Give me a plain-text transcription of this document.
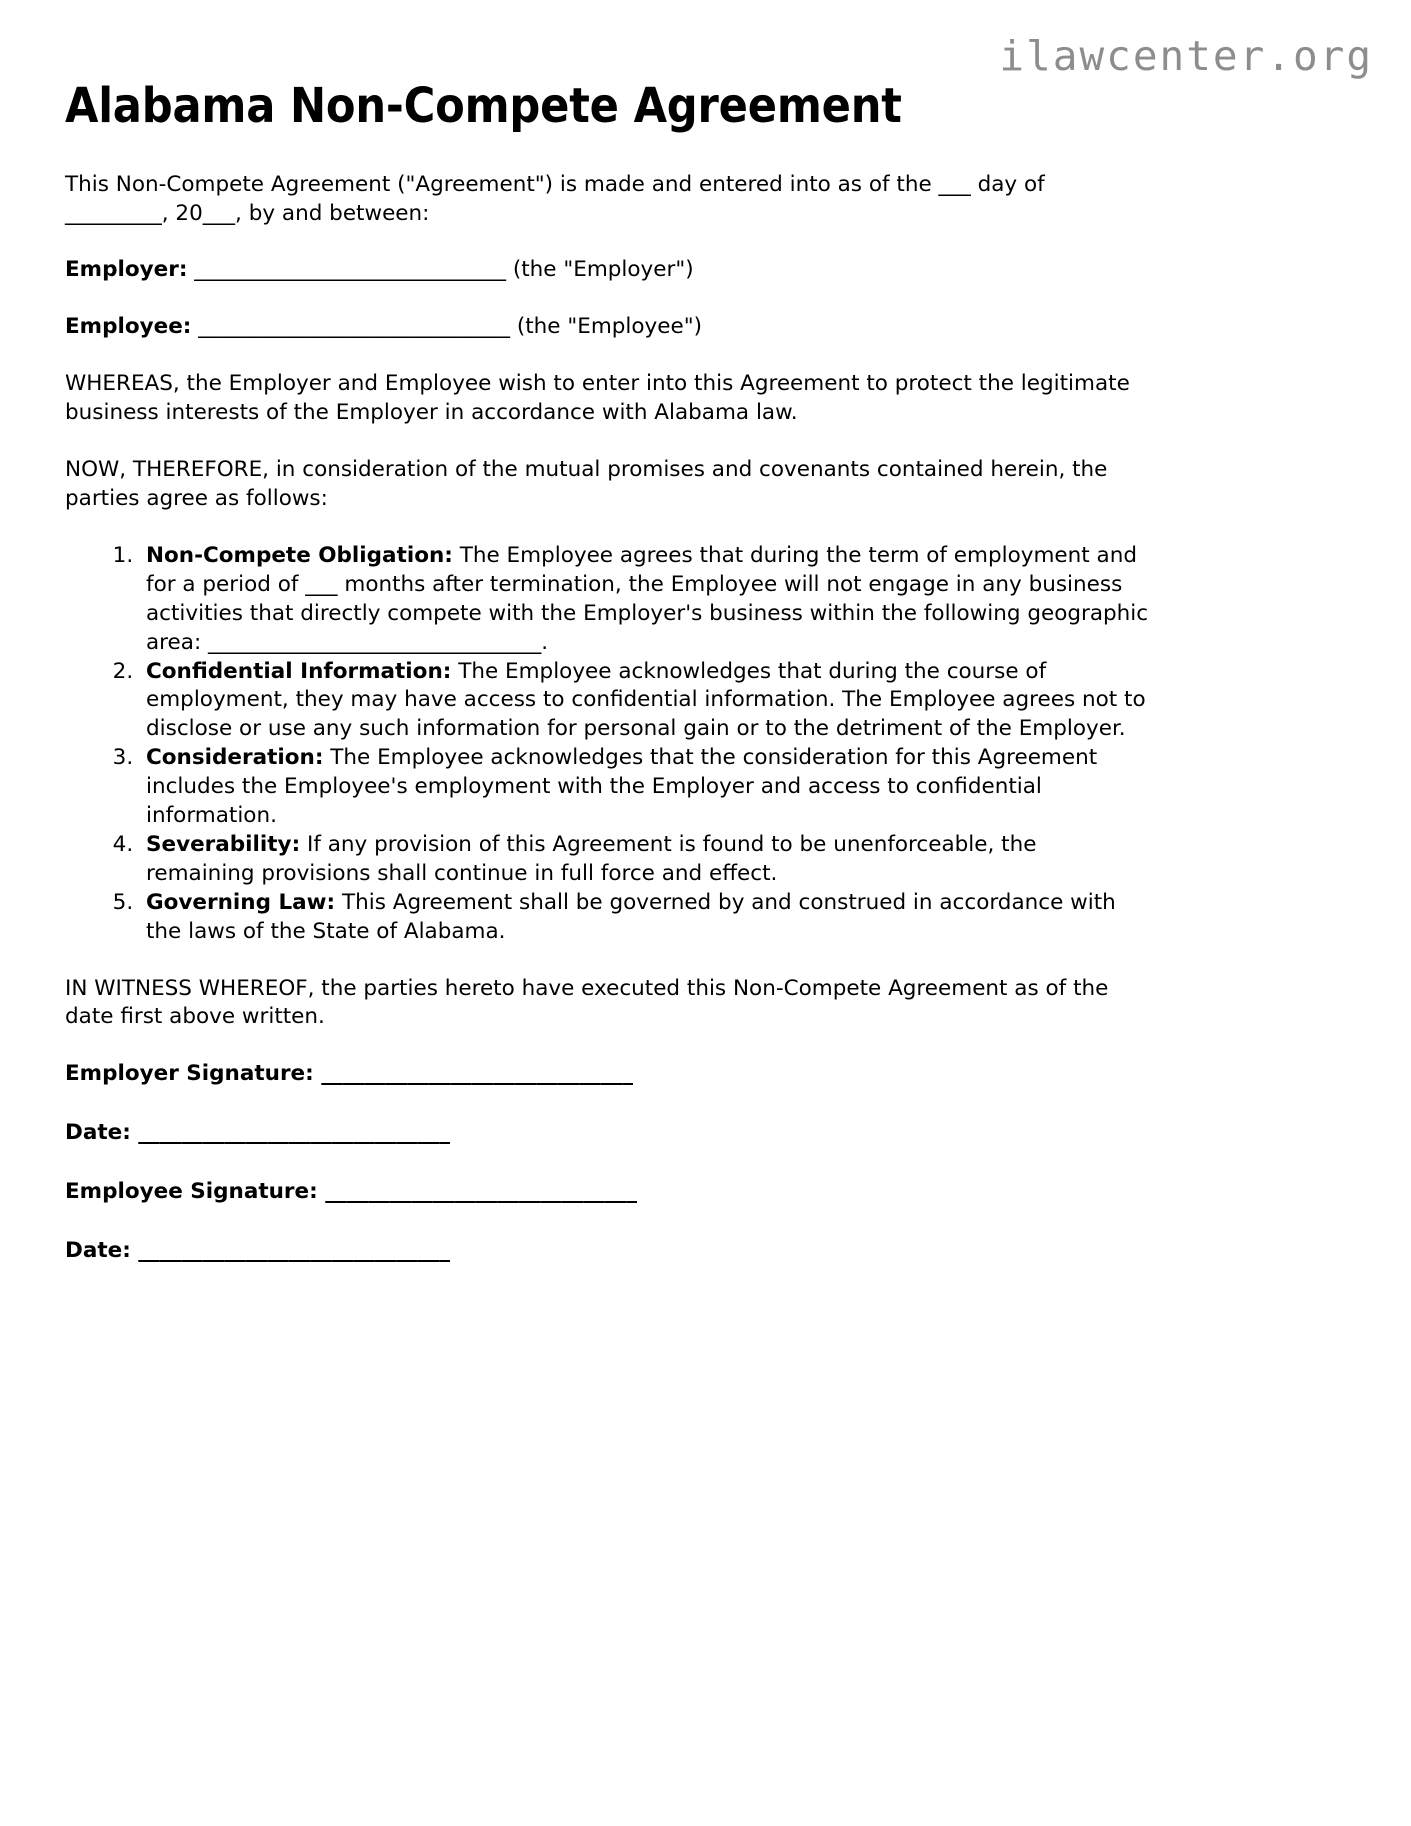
ilawcenter.org
Alabama Non-Compete Agreement

This Non-Compete Agreement ("Agreement") is made and entered into as of the ___ day of _________, 20___, by and between:

Employer: _____________________________ (the "Employer")

Employee: _____________________________ (the "Employee")

WHEREAS, the Employer and Employee wish to enter into this Agreement to protect the legitimate business interests of the Employer in accordance with Alabama law.

NOW, THEREFORE, in consideration of the mutual promises and covenants contained herein, the parties agree as follows:

1. Non-Compete Obligation: The Employee agrees that during the term of employment and for a period of ___ months after termination, the Employee will not engage in any business activities that directly compete with the Employer's business within the following geographic area: _______________________________.
2. Confidential Information: The Employee acknowledges that during the course of employment, they may have access to confidential information. The Employee agrees not to disclose or use any such information for personal gain or to the detriment of the Employer.
3. Consideration: The Employee acknowledges that the consideration for this Agreement includes the Employee's employment with the Employer and access to confidential information.
4. Severability: If any provision of this Agreement is found to be unenforceable, the remaining provisions shall continue in full force and effect.
5. Governing Law: This Agreement shall be governed by and construed in accordance with the laws of the State of Alabama.

IN WITNESS WHEREOF, the parties hereto have executed this Non-Compete Agreement as of the date first above written.

Employer Signature: _____________________________
Date: _____________________________
Employee Signature: _____________________________
Date: _____________________________
